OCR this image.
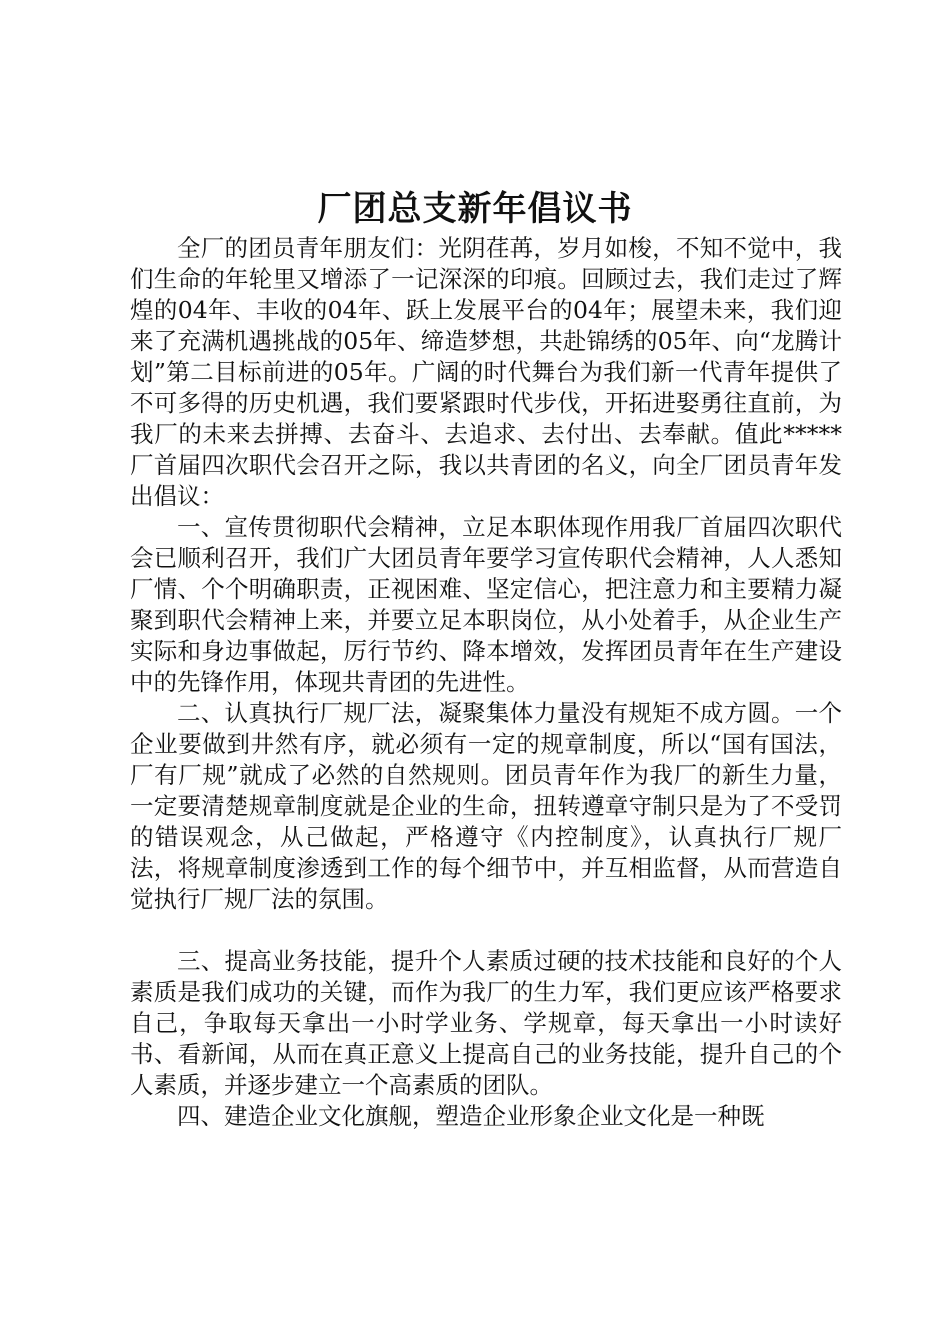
厂团总支新年倡议书

全厂的团员青年朋友们：光阴荏苒，岁月如梭，不知不觉中，我们生命的年轮里又增添了一记深深的印痕。回顾过去，我们走过了辉煌的04年、丰收的04年、跃上发展平台的04年；展望未来，我们迎来了充满机遇挑战的05年、缔造梦想，共赴锦绣的05年、向“龙腾计划”第二目标前进的05年。广阔的时代舞台为我们新一代青年提供了不可多得的历史机遇，我们要紧跟时代步伐，开拓进娶勇往直前，为我厂的未来去拼搏、去奋斗、去追求、去付出、去奉献。值此*****厂首届四次职代会召开之际，我以共青团的名义，向全厂团员青年发出倡议：

一、宣传贯彻职代会精神，立足本职体现作用我厂首届四次职代会已顺利召开，我们广大团员青年要学习宣传职代会精神，人人悉知厂情、个个明确职责，正视困难、坚定信心，把注意力和主要精力凝聚到职代会精神上来，并要立足本职岗位，从小处着手，从企业生产实际和身边事做起，厉行节约、降本增效，发挥团员青年在生产建设中的先锋作用，体现共青团的先进性。

二、认真执行厂规厂法，凝聚集体力量没有规矩不成方圆。一个企业要做到井然有序，就必须有一定的规章制度，所以“国有国法，厂有厂规”就成了必然的自然规则。团员青年作为我厂的新生力量，一定要清楚规章制度就是企业的生命，扭转遵章守制只是为了不受罚的错误观念，从己做起，严格遵守《内控制度》，认真执行厂规厂法，将规章制度渗透到工作的每个细节中，并互相监督，从而营造自觉执行厂规厂法的氛围。

三、提高业务技能，提升个人素质过硬的技术技能和良好的个人素质是我们成功的关键，而作为我厂的生力军，我们更应该严格要求自己，争取每天拿出一小时学业务、学规章，每天拿出一小时读好书、看新闻，从而在真正意义上提高自己的业务技能，提升自己的个人素质，并逐步建立一个高素质的团队。

四、建造企业文化旗舰，塑造企业形象企业文化是一种既
